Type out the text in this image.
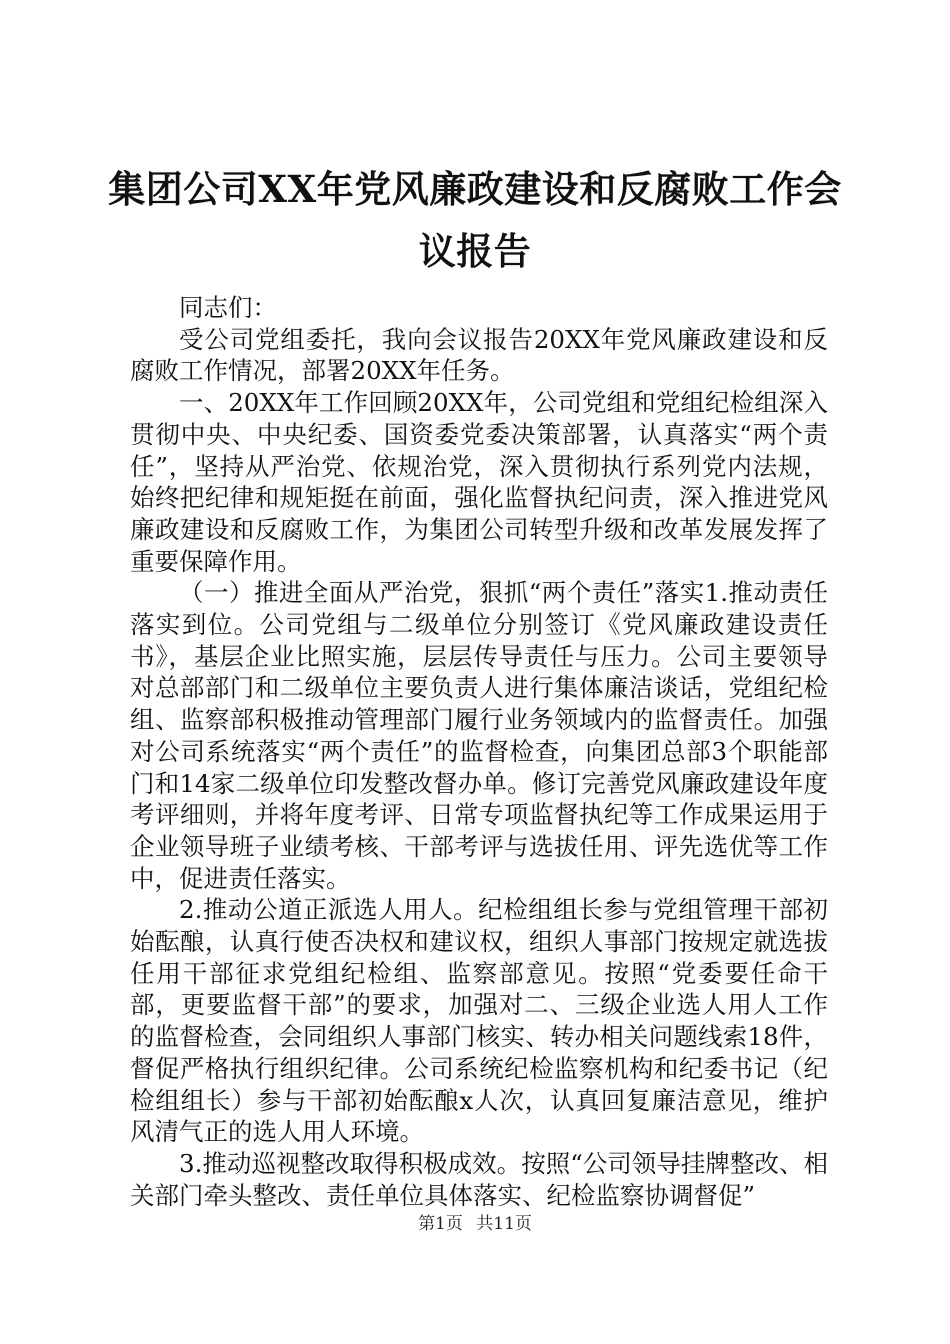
集团公司XX年党风廉政建设和反腐败工作会
议报告

同志们：

受公司党组委托，我向会议报告20XX年党风廉政建设和反腐败工作情况，部署20XX年任务。

一、20XX年工作回顾20XX年，公司党组和党组纪检组深入贯彻中央、中央纪委、国资委党委决策部署，认真落实“两个责任”，坚持从严治党、依规治党，深入贯彻执行系列党内法规，始终把纪律和规矩挺在前面，强化监督执纪问责，深入推进党风廉政建设和反腐败工作，为集团公司转型升级和改革发展发挥了重要保障作用。

（一）推进全面从严治党，狠抓“两个责任”落实1.推动责任落实到位。公司党组与二级单位分别签订《党风廉政建设责任书》，基层企业比照实施，层层传导责任与压力。公司主要领导对总部部门和二级单位主要负责人进行集体廉洁谈话，党组纪检组、监察部积极推动管理部门履行业务领域内的监督责任。加强对公司系统落实“两个责任”的监督检查，向集团总部3个职能部门和14家二级单位印发整改督办单。修订完善党风廉政建设年度考评细则，并将年度考评、日常专项监督执纪等工作成果运用于企业领导班子业绩考核、干部考评与选拔任用、评先选优等工作中，促进责任落实。

2.推动公道正派选人用人。纪检组组长参与党组管理干部初始酝酿，认真行使否决权和建议权，组织人事部门按规定就选拔任用干部征求党组纪检组、监察部意见。按照“党委要任命干部，更要监督干部”的要求，加强对二、三级企业选人用人工作的监督检查，会同组织人事部门核实、转办相关问题线索18件，督促严格执行组织纪律。公司系统纪检监察机构和纪委书记（纪检组组长）参与干部初始酝酿x人次，认真回复廉洁意见，维护风清气正的选人用人环境。

3.推动巡视整改取得积极成效。按照“公司领导挂牌整改、相关部门牵头整改、责任单位具体落实、纪检监察协调督促”

第1页 共11页
